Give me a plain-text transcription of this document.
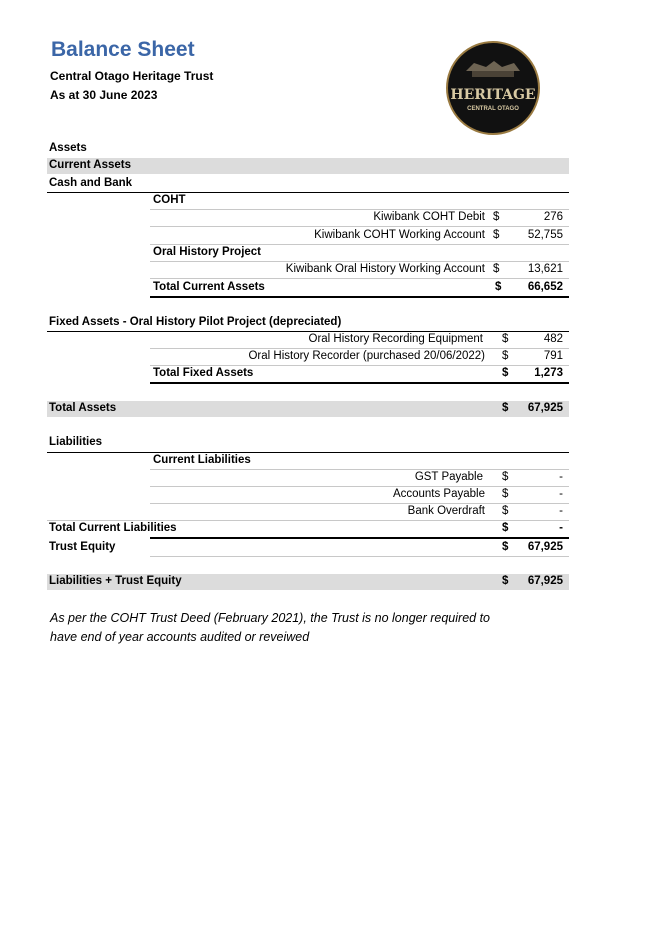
Balance Sheet
Central Otago Heritage Trust
As at 30 June 2023	HERITAGE
CENTRAL OTAGO
Assets
Current Assets
Cash and Bank
COHT
Kiwibank COHT Debit $	276
Kiwibank COHT Working Account $	52,755
Oral History Project
Kiwibank Oral History Working Account $	13,621
Total Current Assets	$	66,652
Fixed Assets - Oral History Pilot Project (depreciated)
Oral History Recording Equipment $	482
Oral History Recorder (purchased 20/06/2022) $	791
Total Fixed Assets	$	1,273
Total Assets	$	67,925
Liabilities
Current Liabilities
GST Payable $	-
Accounts Payable $	-
Bank Overdraft $	-
Total Current Liabilities	$	-
Trust Equity	$	67,925
Liabilities + Trust Equity	$	67,925
As per the COHT Trust Deed (February 2021), the Trust is no longer required to have end of year accounts audited or reveiwed
